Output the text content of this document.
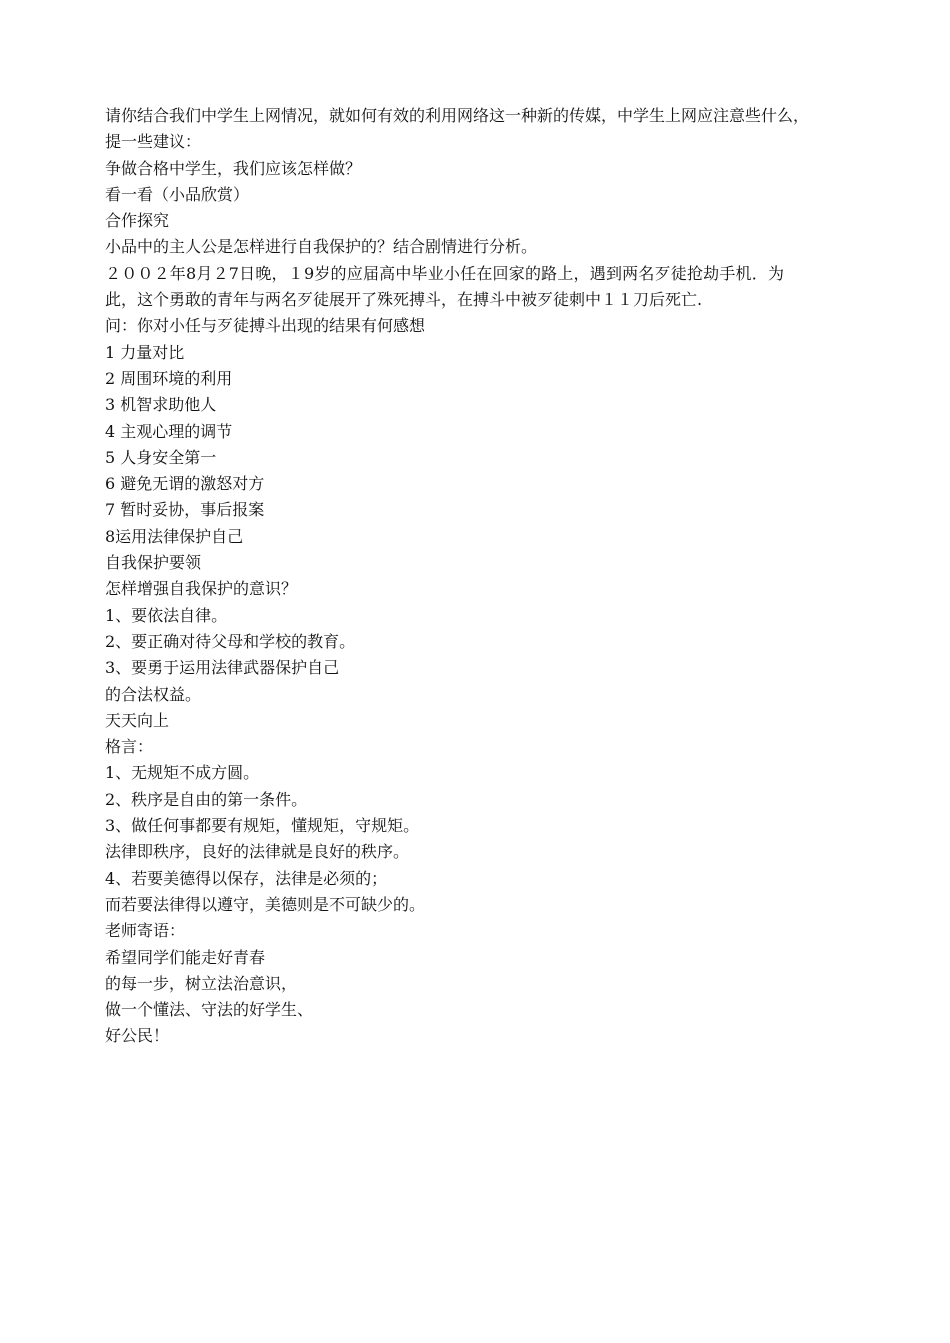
请你结合我们中学生上网情况，就如何有效的利用网络这一种新的传媒，中学生上网应注意些什么，
提一些建议：
争做合格中学生，我们应该怎样做？
看一看（小品欣赏）
合作探究
小品中的主人公是怎样进行自我保护的？结合剧情进行分析。
２００２年8月２7日晚，１9岁的应届高中毕业小任在回家的路上，遇到两名歹徒抢劫手机．为
此，这个勇敢的青年与两名歹徒展开了殊死搏斗，在搏斗中被歹徒刺中１１刀后死亡.
问：你对小任与歹徒搏斗出现的结果有何感想
1 力量对比
2 周围环境的利用
3 机智求助他人
4 主观心理的调节
5 人身安全第一
6 避免无谓的激怒对方
7 暂时妥协，事后报案
8运用法律保护自己
自我保护要领
怎样增强自我保护的意识？
1、要依法自律。
2、要正确对待父母和学校的教育。
3、要勇于运用法律武器保护自己
的合法权益。
天天向上
格言：
1、无规矩不成方圆。
2、秩序是自由的第一条件。
3、做任何事都要有规矩，懂规矩，守规矩。
法律即秩序，良好的法律就是良好的秩序。
4、若要美德得以保存，法律是必须的；
而若要法律得以遵守，美德则是不可缺少的。
老师寄语：
希望同学们能走好青春
的每一步，树立法治意识，
做一个懂法、守法的好学生、
好公民！
